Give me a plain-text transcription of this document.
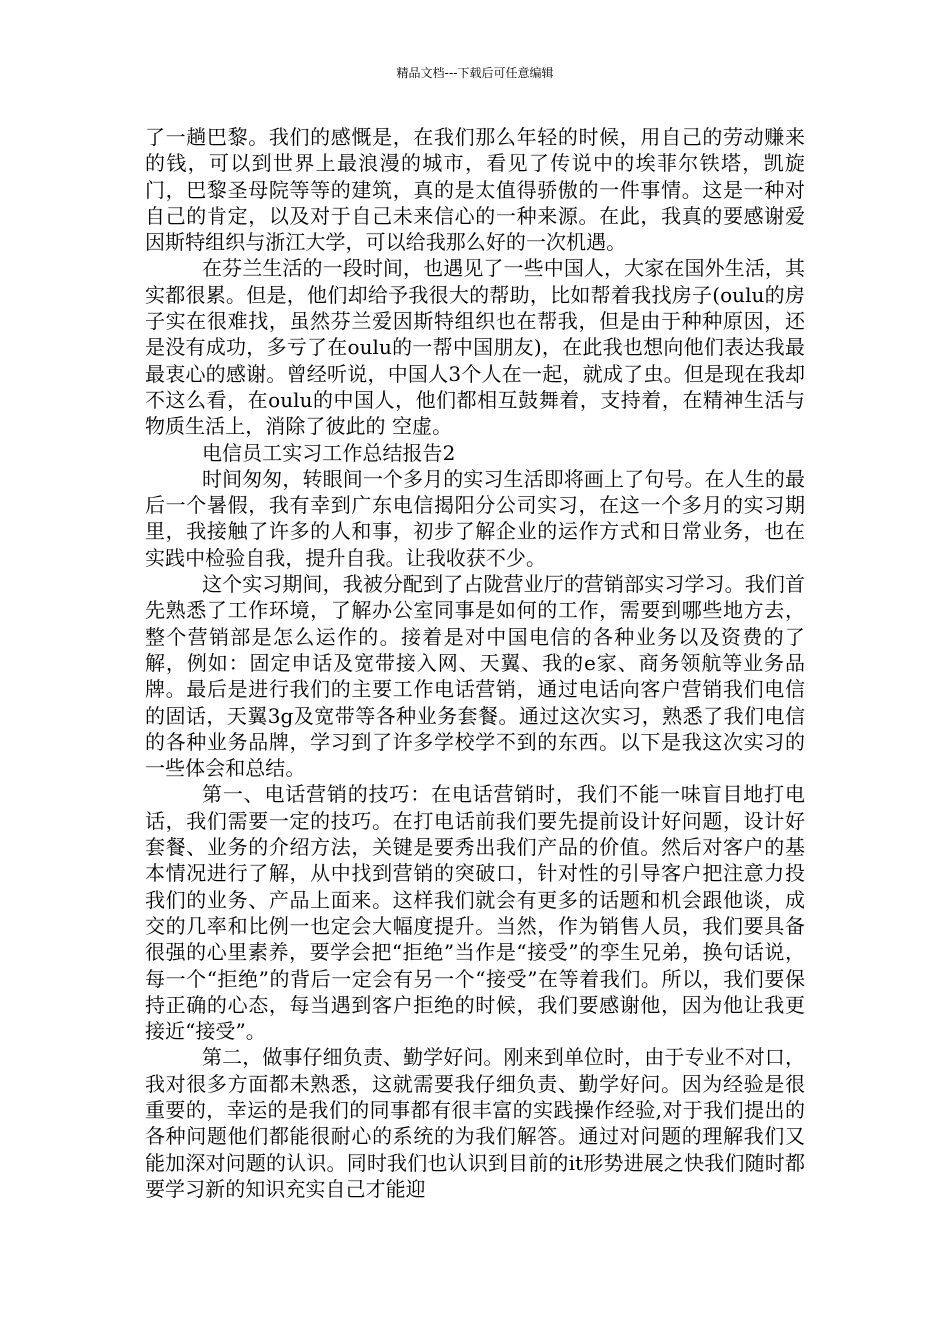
精品文档---下载后可任意编辑

了一趟巴黎。我们的感慨是，在我们那么年轻的时候，用自己的劳动赚来的钱，可以到世界上最浪漫的城市，看见了传说中的埃菲尔铁塔，凯旋门，巴黎圣母院等等的建筑，真的是太值得骄傲的一件事情。这是一种对自己的肯定，以及对于自己未来信心的一种来源。在此，我真的要感谢爱因斯特组织与浙江大学，可以给我那么好的一次机遇。

在芬兰生活的一段时间，也遇见了一些中国人，大家在国外生活，其实都很累。但是，他们却给予我很大的帮助，比如帮着我找房子(oulu的房子实在很难找，虽然芬兰爱因斯特组织也在帮我，但是由于种种原因，还是没有成功，多亏了在oulu的一帮中国朋友)，在此我也想向他们表达我最最衷心的感谢。曾经听说，中国人3个人在一起，就成了虫。但是现在我却不这么看，在oulu的中国人，他们都相互鼓舞着，支持着，在精神生活与物质生活上，消除了彼此的 空虚。

电信员工实习工作总结报告2

时间匆匆，转眼间一个多月的实习生活即将画上了句号。在人生的最后一个暑假，我有幸到广东电信揭阳分公司实习，在这一个多月的实习期里，我接触了许多的人和事，初步了解企业的运作方式和日常业务，也在实践中检验自我，提升自我。让我收获不少。

这个实习期间，我被分配到了占陇营业厅的营销部实习学习。我们首先熟悉了工作环境，了解办公室同事是如何的工作，需要到哪些地方去，整个营销部是怎么运作的。接着是对中国电信的各种业务以及资费的了解，例如：固定申话及宽带接入网、天翼、我的e家、商务领航等业务品牌。最后是进行我们的主要工作电话营销，通过电话向客户营销我们电信的固话，天翼3g及宽带等各种业务套餐。通过这次实习，熟悉了我们电信的各种业务品牌，学习到了许多学校学不到的东西。以下是我这次实习的一些体会和总结。

第一、电话营销的技巧：在电话营销时，我们不能一味盲目地打电话，我们需要一定的技巧。在打电话前我们要先提前设计好问题，设计好套餐、业务的介绍方法，关键是要秀出我们产品的价值。然后对客户的基本情况进行了解，从中找到营销的突破口，针对性的引导客户把注意力投我们的业务、产品上面来。这样我们就会有更多的话题和机会跟他谈，成交的几率和比例一也定会大幅度提升。当然，作为销售人员，我们要具备很强的心里素养，要学会把“拒绝”当作是“接受”的孪生兄弟，换句话说，每一个“拒绝”的背后一定会有另一个“接受”在等着我们。所以，我们要保持正确的心态，每当遇到客户拒绝的时候，我们要感谢他，因为他让我更接近“接受”。

第二，做事仔细负责、勤学好问。刚来到单位时，由于专业不对口，我对很多方面都未熟悉，这就需要我仔细负责、勤学好问。因为经验是很重要的，幸运的是我们的同事都有很丰富的实践操作经验,对于我们提出的各种问题他们都能很耐心的系统的为我们解答。通过对问题的理解我们又能加深对问题的认识。同时我们也认识到目前的it形势进展之快我们随时都要学习新的知识充实自己才能迎
